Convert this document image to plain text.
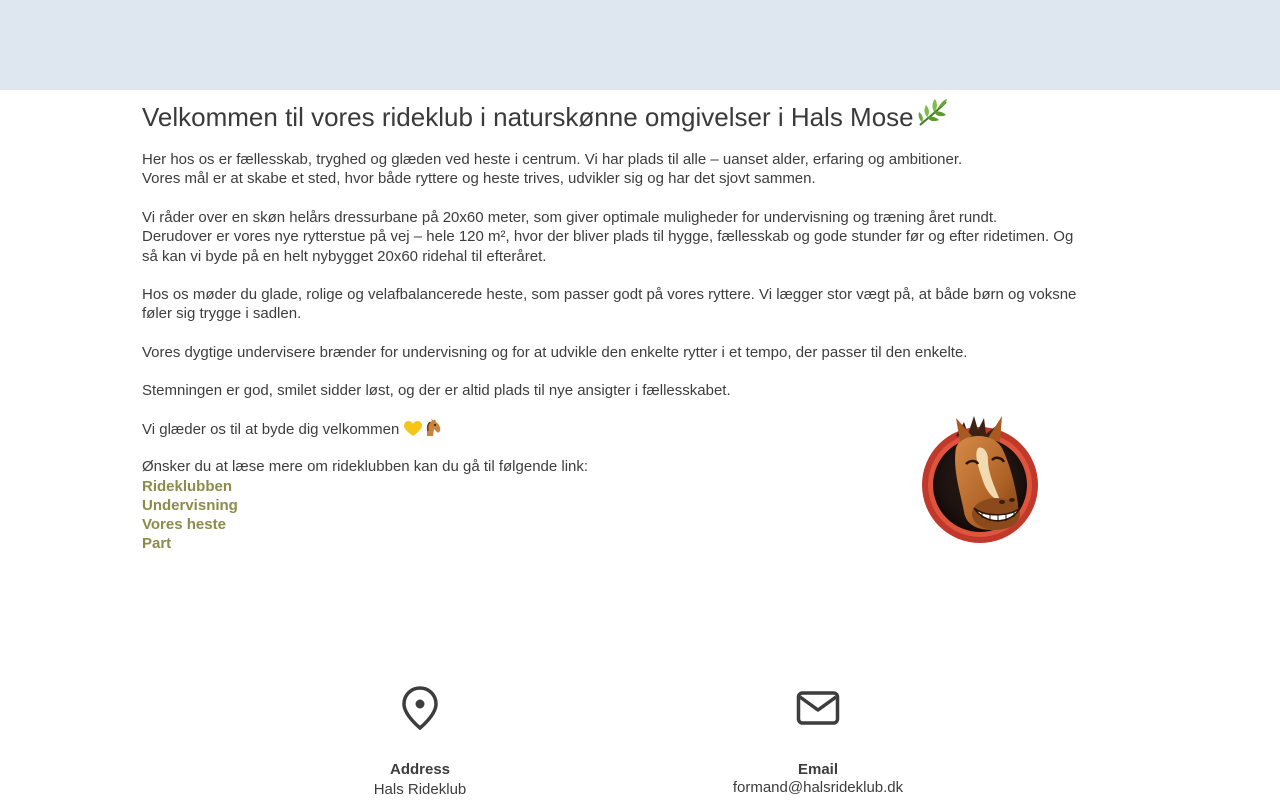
Velkommen til vores rideklub i naturskønne omgivelser i Hals Mose

Her hos os er fællesskab, tryghed og glæden ved heste i centrum. Vi har plads til alle – uanset alder, erfaring og ambitioner.
Vores mål er at skabe et sted, hvor både ryttere og heste trives, udvikler sig og har det sjovt sammen.

Vi råder over en skøn helårs dressurbane på 20x60 meter, som giver optimale muligheder for undervisning og træning året rundt.
Derudover er vores nye rytterstue på vej – hele 120 m², hvor der bliver plads til hygge, fællesskab og gode stunder før og efter ridetimen. Og så kan vi byde på en helt nybygget 20x60 ridehal til efteråret.

Hos os møder du glade, rolige og velafbalancerede heste, som passer godt på vores ryttere. Vi lægger stor vægt på, at både børn og voksne føler sig trygge i sadlen.

Vores dygtige undervisere brænder for undervisning og for at udvikle den enkelte rytter i et tempo, der passer til den enkelte.

Stemningen er god, smilet sidder løst, og der er altid plads til nye ansigter i fællesskabet.

Vi glæder os til at byde dig velkommen

Ønsker du at læse mere om rideklubben kan du gå til følgende link:

Rideklubben
Undervisning
Vores heste
Part
Address
Hals Rideklub
Email
formand@halsrideklub.dk
